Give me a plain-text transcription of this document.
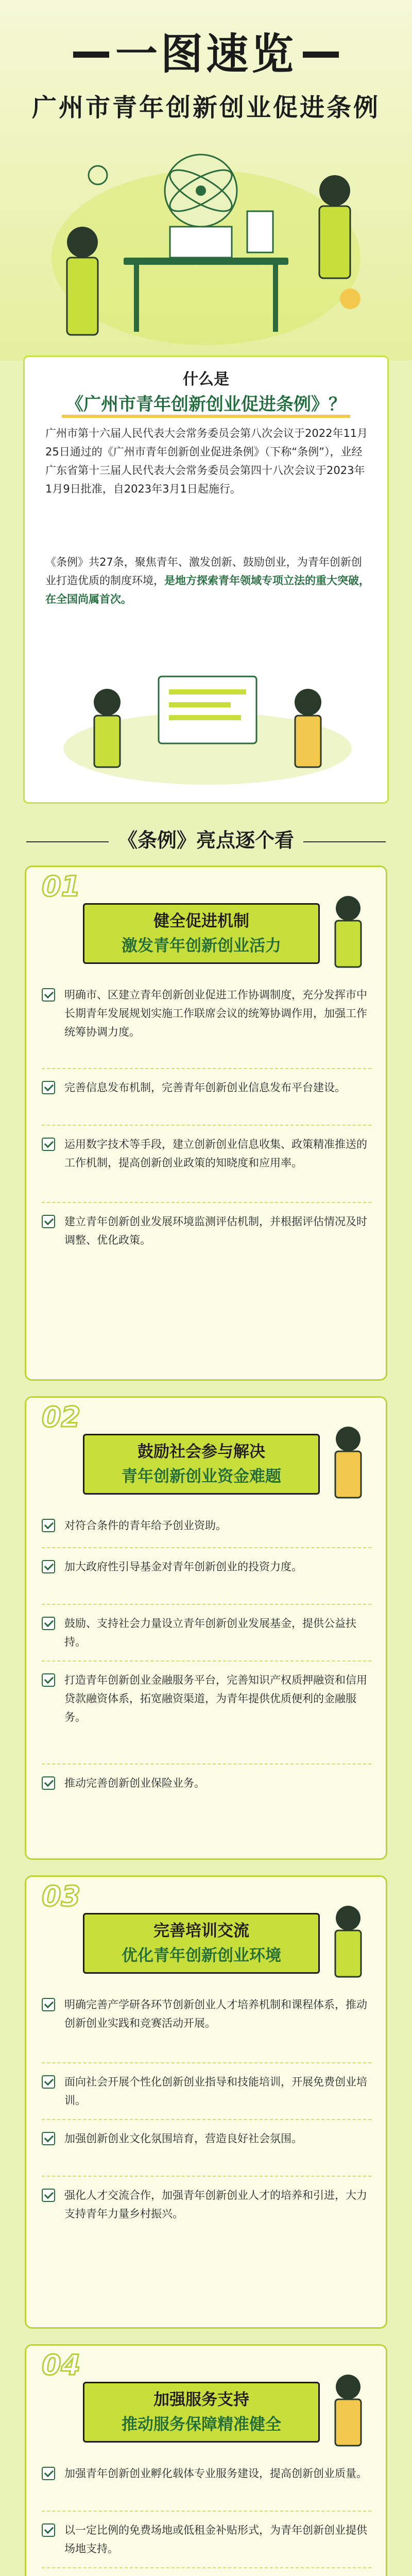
一图速览
广州市青年创新创业促进条例
什么是
《广州市青年创新创业促进条例》？
广州市第十六届人民代表大会常务委员会第八次会议于2022年11月25日通过的《广州市青年创新创业促进条例》（下称“条例”），业经广东省第十三届人民代表大会常务委员会第四十八次会议于2023年1月9日批准，自2023年3月1日起施行。
《条例》共27条，聚焦青年、激发创新、鼓励创业，为青年创新创业打造优质的制度环境，是地方探索青年领域专项立法的重大突破，在全国尚属首次。
《条例》亮点逐个看
01
健全促进机制
激发青年创新创业活力
明确市、区建立青年创新创业促进工作协调制度，充分发挥市中长期青年发展规划实施工作联席会议的统筹协调作用，加强工作统筹协调力度。
完善信息发布机制，完善青年创新创业信息发布平台建设。
运用数字技术等手段，建立创新创业信息收集、政策精准推送的工作机制，提高创新创业政策的知晓度和应用率。
建立青年创新创业发展环境监测评估机制，并根据评估情况及时调整、优化政策。
02
鼓励社会参与解决
青年创新创业资金难题
对符合条件的青年给予创业资助。
加大政府性引导基金对青年创新创业的投资力度。
鼓励、支持社会力量设立青年创新创业发展基金，提供公益扶持。
打造青年创新创业金融服务平台，完善知识产权质押融资和信用贷款融资体系，拓宽融资渠道，为青年提供优质便利的金融服务。
推动完善创新创业保险业务。
03
完善培训交流
优化青年创新创业环境
明确完善产学研各环节创新创业人才培养机制和课程体系，推动创新创业实践和竞赛活动开展。
面向社会开展个性化创新创业指导和技能培训，开展免费创业培训。
加强创新创业文化氛围培育，营造良好社会氛围。
强化人才交流合作，加强青年创新创业人才的培养和引进，大力支持青年力量乡村振兴。
04
加强服务支持
推动服务保障精准健全
加强青年创新创业孵化载体专业服务建设，提高创新创业质量。
以一定比例的免费场地或低租金补贴形式，为青年创新创业提供场地支持。
